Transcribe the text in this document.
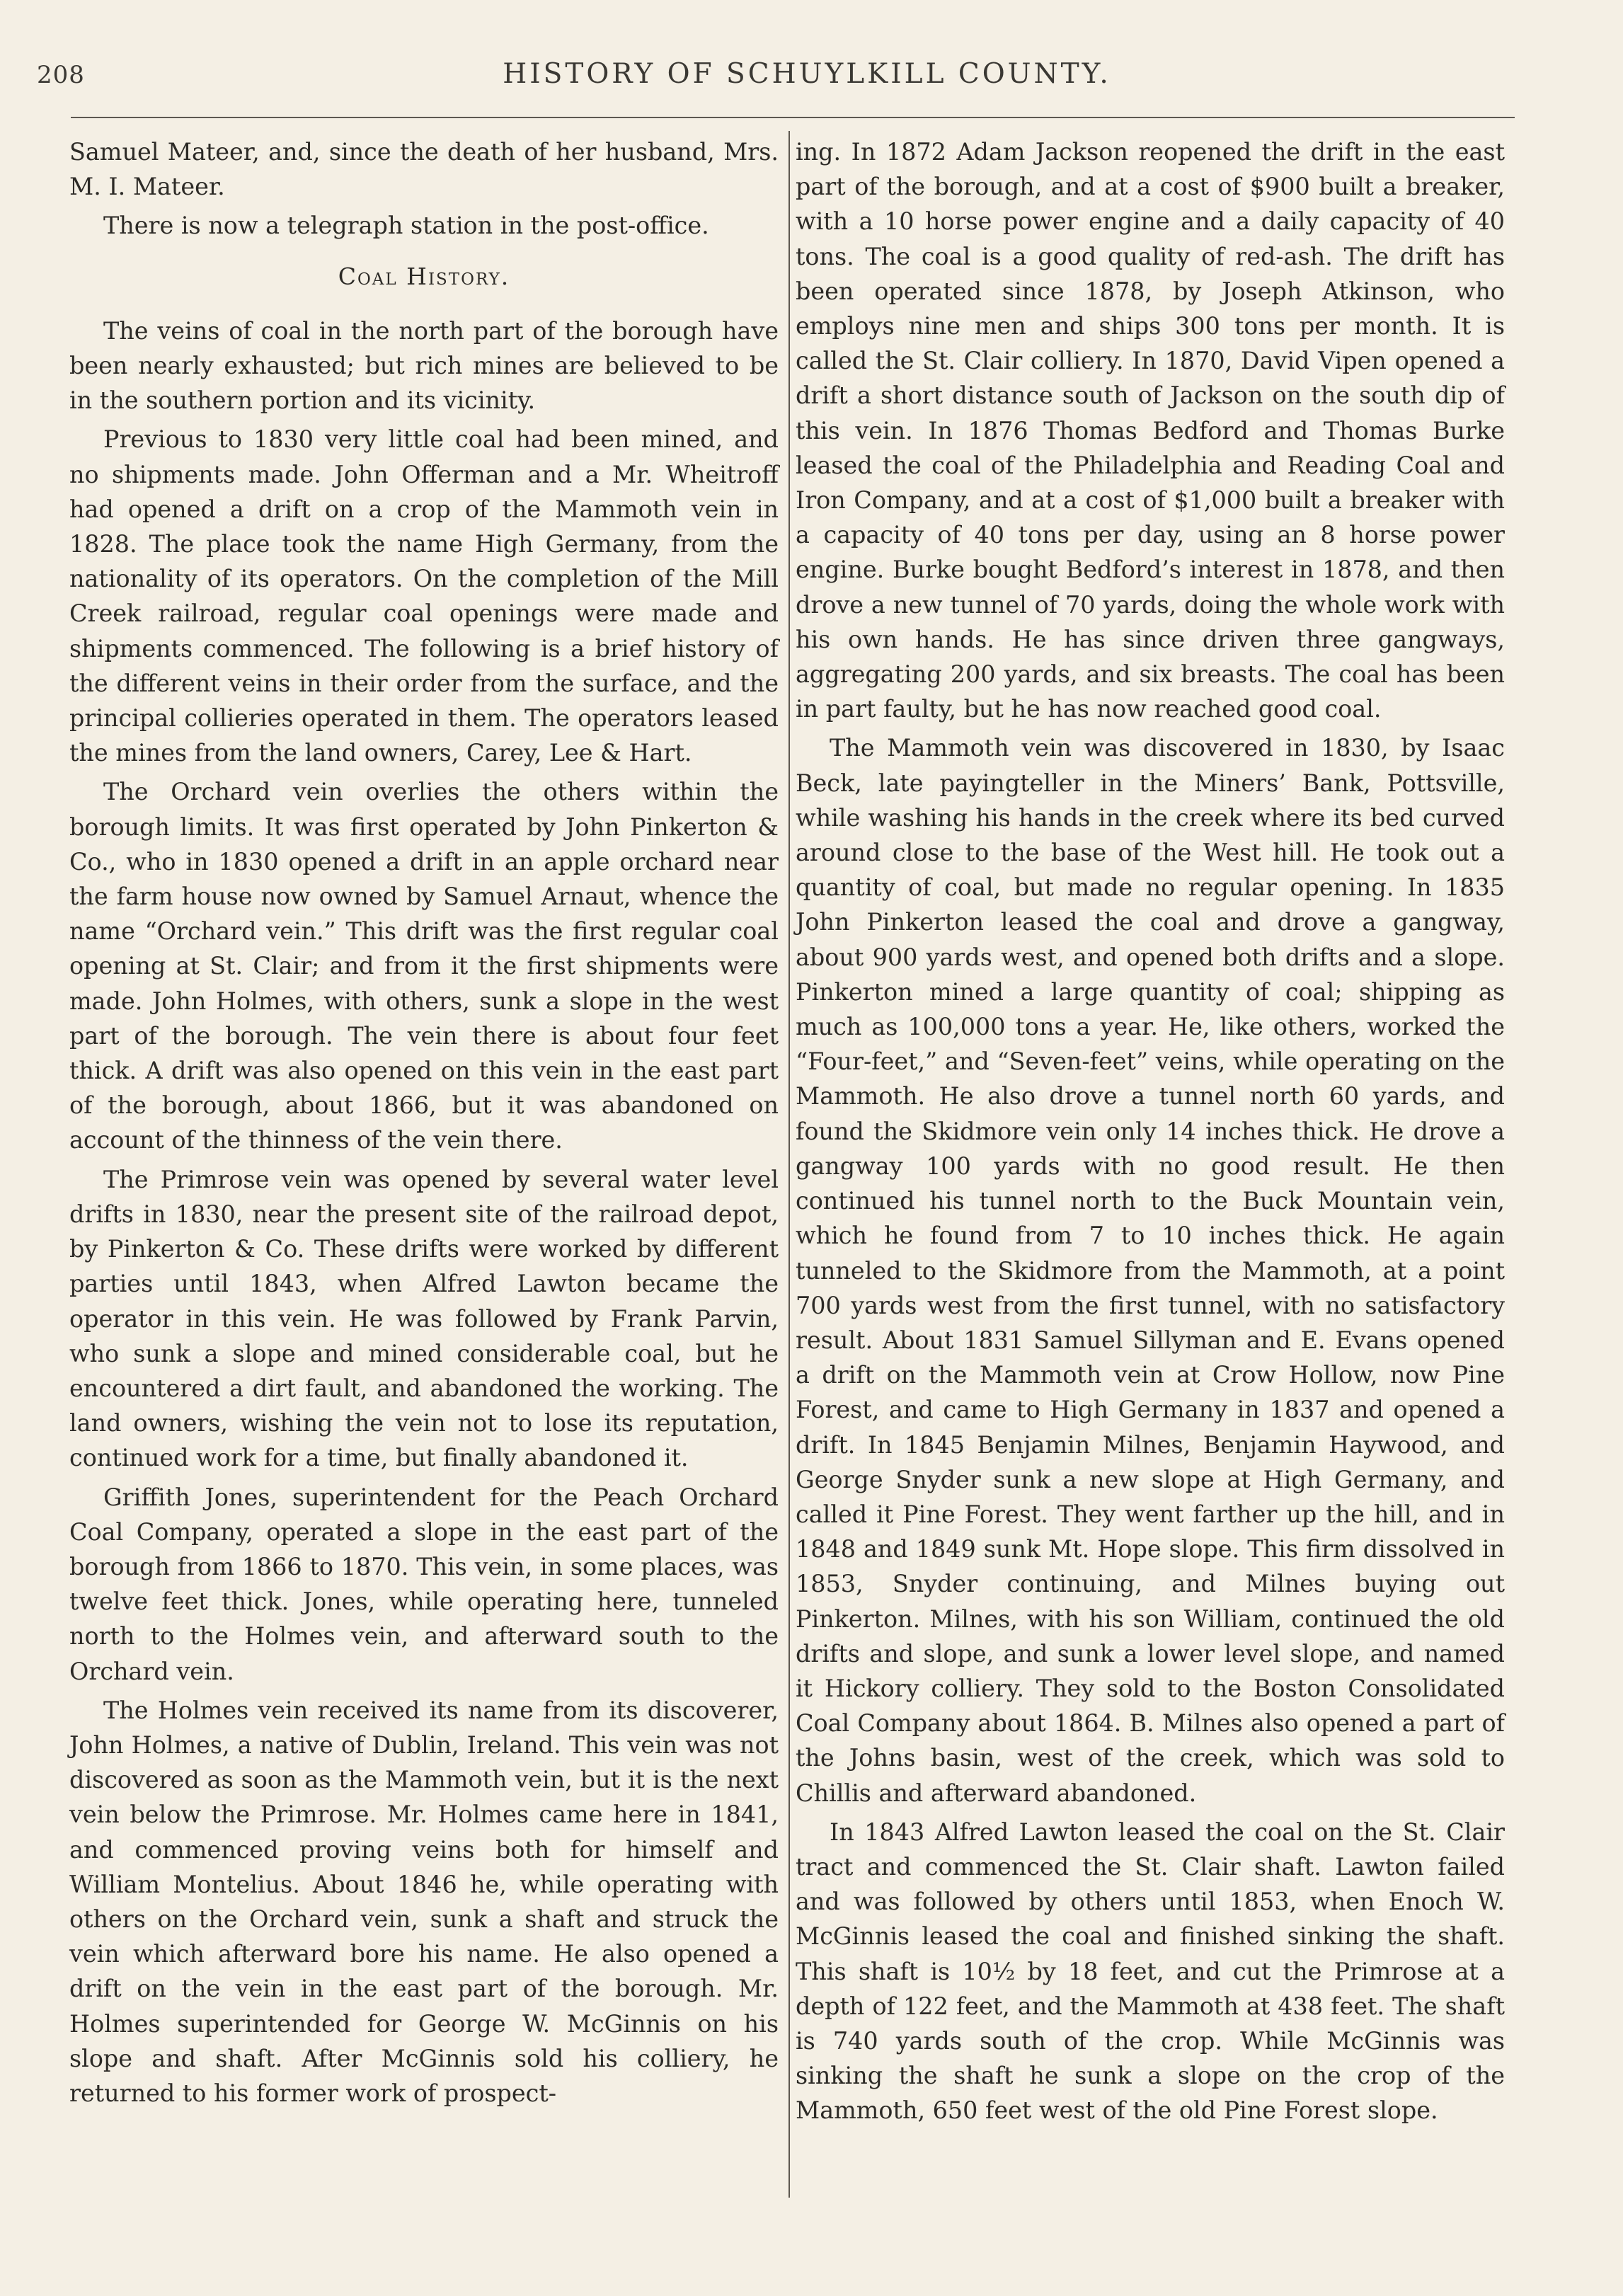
208	HISTORY OF SCHUYLKILL COUNTY.

Samuel Mateer, and, since the death of her husband, Mrs. M. I. Mateer.

There is now a telegraph station in the post-office.

Coal History.

The veins of coal in the north part of the borough have been nearly exhausted; but rich mines are believed to be in the southern portion and its vicinity.

Previous to 1830 very little coal had been mined, and no shipments made. John Offerman and a Mr. Wheitroff had opened a drift on a crop of the Mammoth vein in 1828. The place took the name High Germany, from the nationality of its operators. On the completion of the Mill Creek railroad, regular coal openings were made and shipments commenced. The following is a brief history of the different veins in their order from the surface, and the principal collieries operated in them. The operators leased the mines from the land owners, Carey, Lee & Hart.

The Orchard vein overlies the others within the borough limits. It was first operated by John Pinkerton & Co., who in 1830 opened a drift in an apple orchard near the farm house now owned by Samuel Arnaut, whence the name “Orchard vein.” This drift was the first regular coal opening at St. Clair; and from it the first shipments were made. John Holmes, with others, sunk a slope in the west part of the borough. The vein there is about four feet thick. A drift was also opened on this vein in the east part of the borough, about 1866, but it was abandoned on account of the thinness of the vein there.

The Primrose vein was opened by several water level drifts in 1830, near the present site of the railroad depot, by Pinkerton & Co. These drifts were worked by different parties until 1843, when Alfred Lawton became the operator in this vein. He was followed by Frank Parvin, who sunk a slope and mined considerable coal, but he encountered a dirt fault, and abandoned the working. The land owners, wishing the vein not to lose its reputation, continued work for a time, but finally abandoned it.

Griffith Jones, superintendent for the Peach Orchard Coal Company, operated a slope in the east part of the borough from 1866 to 1870. This vein, in some places, was twelve feet thick. Jones, while operating here, tunneled north to the Holmes vein, and afterward south to the Orchard vein.

The Holmes vein received its name from its discoverer, John Holmes, a native of Dublin, Ireland. This vein was not discovered as soon as the Mammoth vein, but it is the next vein below the Primrose. Mr. Holmes came here in 1841, and commenced proving veins both for himself and William Montelius. About 1846 he, while operating with others on the Orchard vein, sunk a shaft and struck the vein which afterward bore his name. He also opened a drift on the vein in the east part of the borough. Mr. Holmes superintended for George W. McGinnis on his slope and shaft. After McGinnis sold his colliery, he returned to his former work of prospect-

ing. In 1872 Adam Jackson reopened the drift in the east part of the borough, and at a cost of $900 built a breaker, with a 10 horse power engine and a daily capacity of 40 tons. The coal is a good quality of red-ash. The drift has been operated since 1878, by Joseph Atkinson, who employs nine men and ships 300 tons per month. It is called the St. Clair colliery. In 1870, David Vipen opened a drift a short distance south of Jackson on the south dip of this vein. In 1876 Thomas Bedford and Thomas Burke leased the coal of the Philadelphia and Reading Coal and Iron Company, and at a cost of $1,000 built a breaker with a capacity of 40 tons per day, using an 8 horse power engine. Burke bought Bedford’s interest in 1878, and then drove a new tunnel of 70 yards, doing the whole work with his own hands. He has since driven three gangways, aggregating 200 yards, and six breasts. The coal has been in part faulty, but he has now reached good coal.

The Mammoth vein was discovered in 1830, by Isaac Beck, late payingteller in the Miners’ Bank, Pottsville, while washing his hands in the creek where its bed curved around close to the base of the West hill. He took out a quantity of coal, but made no regular opening. In 1835 John Pinkerton leased the coal and drove a gangway, about 900 yards west, and opened both drifts and a slope. Pinkerton mined a large quantity of coal; shipping as much as 100,000 tons a year. He, like others, worked the “Four-feet,” and “Seven-feet” veins, while operating on the Mammoth. He also drove a tunnel north 60 yards, and found the Skidmore vein only 14 inches thick. He drove a gangway 100 yards with no good result. He then continued his tunnel north to the Buck Mountain vein, which he found from 7 to 10 inches thick. He again tunneled to the Skidmore from the Mammoth, at a point 700 yards west from the first tunnel, with no satisfactory result. About 1831 Samuel Sillyman and E. Evans opened a drift on the Mammoth vein at Crow Hollow, now Pine Forest, and came to High Germany in 1837 and opened a drift. In 1845 Benjamin Milnes, Benjamin Haywood, and George Snyder sunk a new slope at High Germany, and called it Pine Forest. They went farther up the hill, and in 1848 and 1849 sunk Mt. Hope slope. This firm dissolved in 1853, Snyder continuing, and Milnes buying out Pinkerton. Milnes, with his son William, continued the old drifts and slope, and sunk a lower level slope, and named it Hickory colliery. They sold to the Boston Consolidated Coal Company about 1864. B. Milnes also opened a part of the Johns basin, west of the creek, which was sold to Chillis and afterward abandoned.

In 1843 Alfred Lawton leased the coal on the St. Clair tract and commenced the St. Clair shaft. Lawton failed and was followed by others until 1853, when Enoch W. McGinnis leased the coal and finished sinking the shaft. This shaft is 10½ by 18 feet, and cut the Primrose at a depth of 122 feet, and the Mammoth at 438 feet. The shaft is 740 yards south of the crop. While McGinnis was sinking the shaft he sunk a slope on the crop of the Mammoth, 650 feet west of the old Pine Forest slope.
